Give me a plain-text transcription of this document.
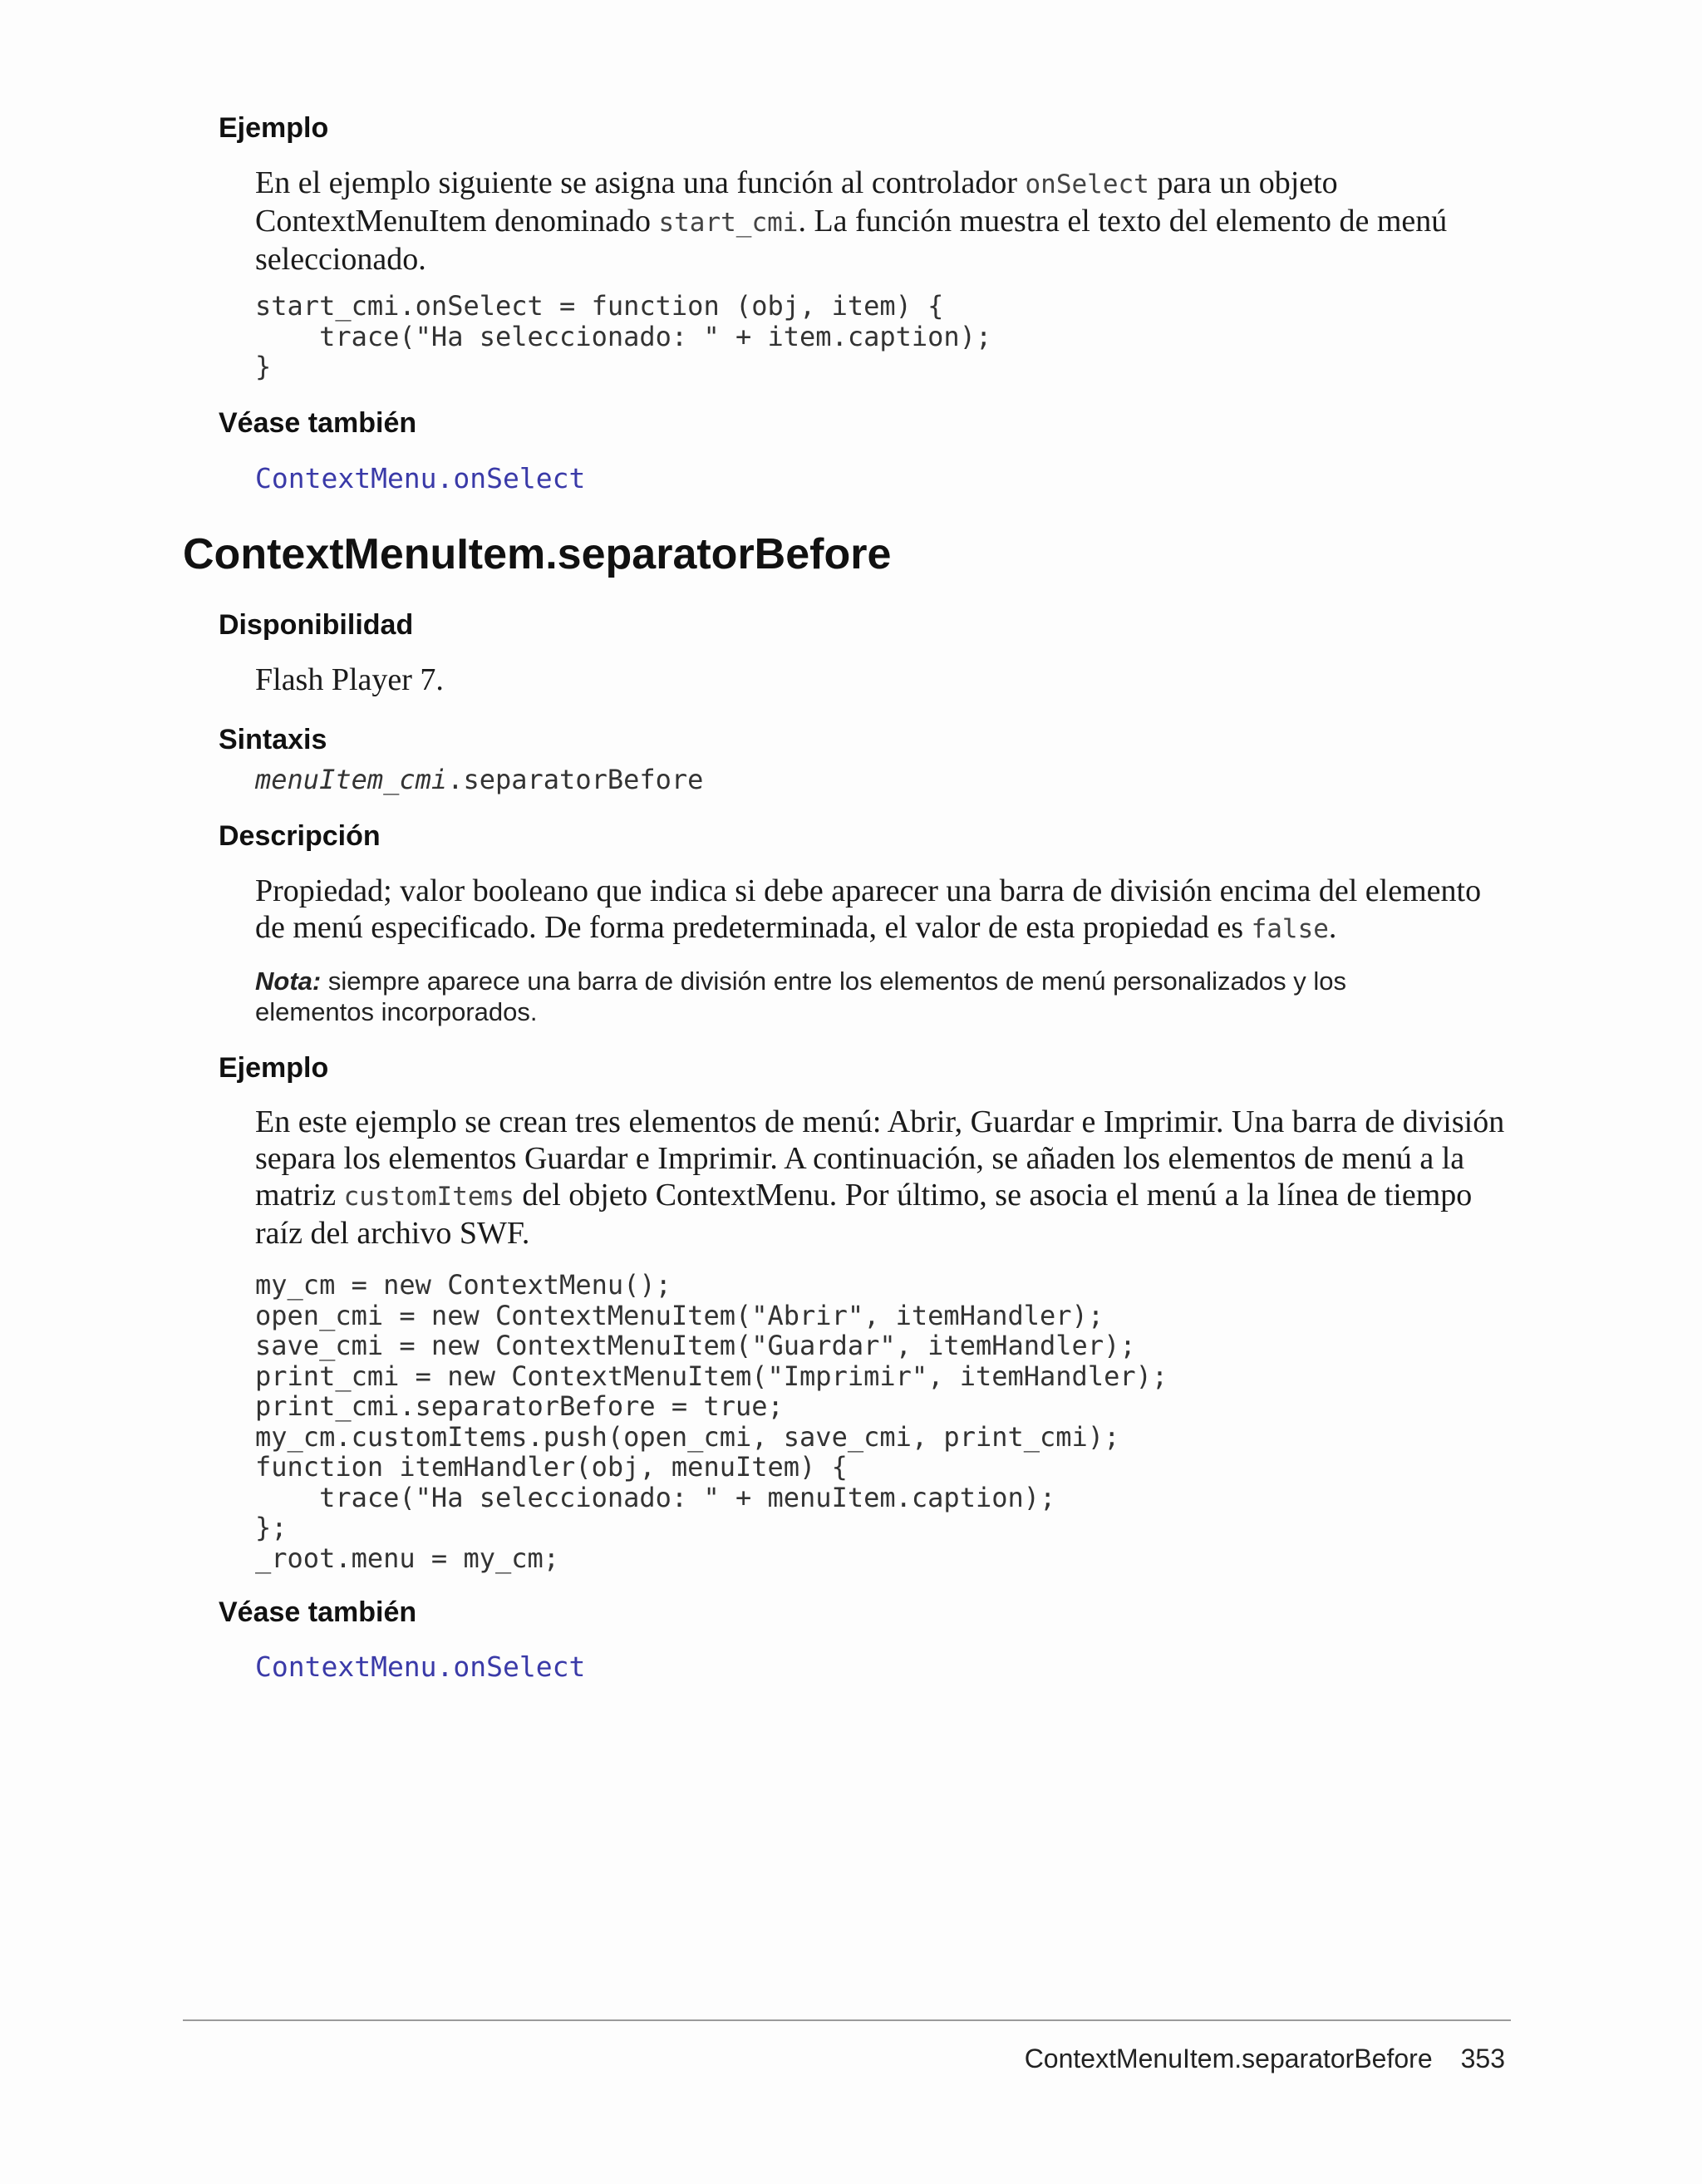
Ejemplo
En el ejemplo siguiente se asigna una función al controlador onSelect para un objeto ContextMenuItem denominado start_cmi. La función muestra el texto del elemento de menú seleccionado.
start_cmi.onSelect = function (obj, item) {
trace("Ha seleccionado: " + item.caption);
}
Véase también
ContextMenu.onSelect
ContextMenuItem.separatorBefore
Disponibilidad
Flash Player 7.
Sintaxis
menuItem_cmi.separatorBefore
Descripción
Propiedad; valor booleano que indica si debe aparecer una barra de división encima del elemento de menú especificado. De forma predeterminada, el valor de esta propiedad es false.
Nota: siempre aparece una barra de división entre los elementos de menú personalizados y los elementos incorporados.
Ejemplo
En este ejemplo se crean tres elementos de menú: Abrir, Guardar e Imprimir. Una barra de división separa los elementos Guardar e Imprimir. A continuación, se añaden los elementos de menú a la matriz customItems del objeto ContextMenu. Por último, se asocia el menú a la línea de tiempo raíz del archivo SWF.
my_cm = new ContextMenu();
open_cmi = new ContextMenuItem("Abrir", itemHandler);
save_cmi = new ContextMenuItem("Guardar", itemHandler);
print_cmi = new ContextMenuItem("Imprimir", itemHandler);
print_cmi.separatorBefore = true;
my_cm.customItems.push(open_cmi, save_cmi, print_cmi);
function itemHandler(obj, menuItem) {
trace("Ha seleccionado: " + menuItem.caption);
};
_root.menu = my_cm;
Véase también
ContextMenu.onSelect
ContextMenuItem.separatorBefore 353
